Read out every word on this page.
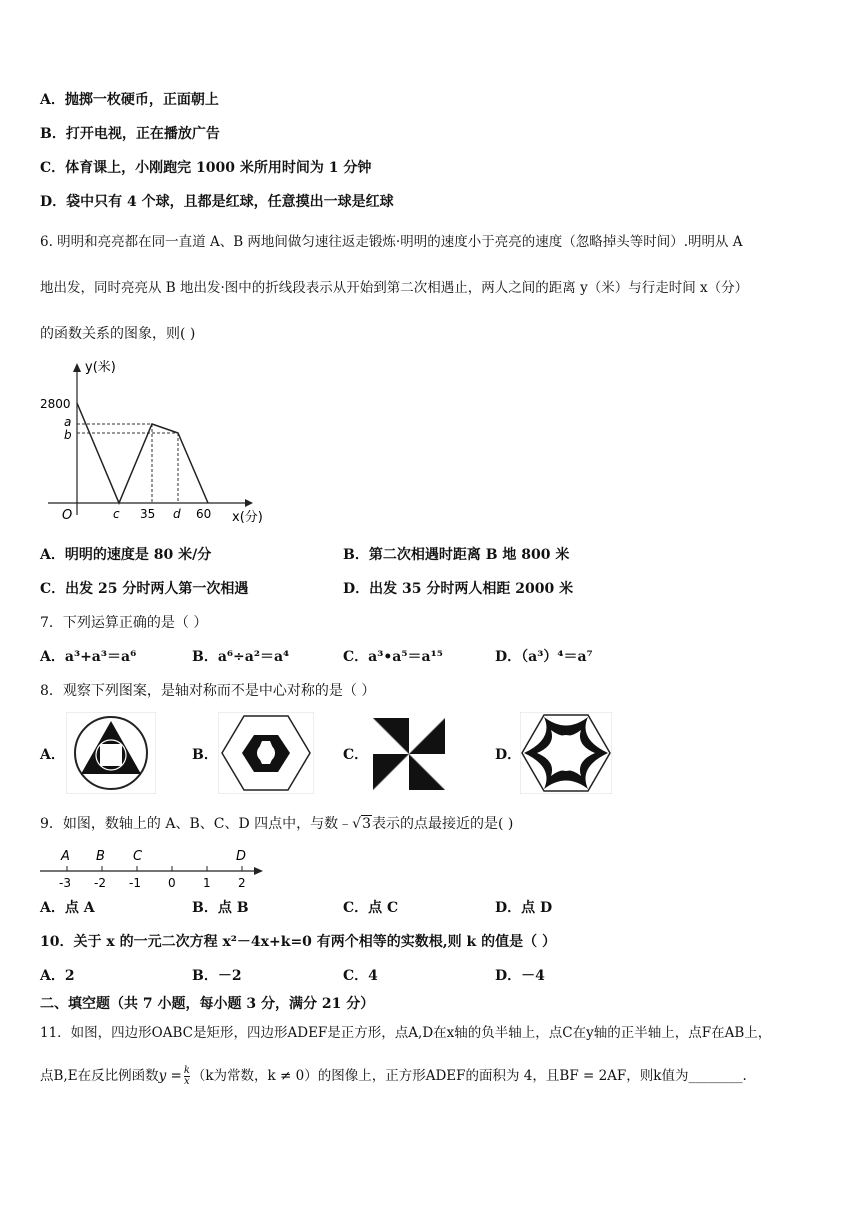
A．抛掷一枚硬币，正面朝上
B．打开电视，正在播放广告
C．体育课上，小刚跑完 1000 米所用时间为 1 分钟
D．袋中只有 4 个球，且都是红球，任意摸出一球是红球
6. 明明和亮亮都在同一直道 A、B 两地间做匀速往返走锻炼·明明的速度小于亮亮的速度（忽略掉头等时间）.明明从 A
地出发，同时亮亮从 B 地出发·图中的折线段表示从开始到第二次相遇止，两人之间的距离 y（米）与行走时间 x（分）
的函数关系的图象，则( )
y(米)
2800
a
b
O	c 35 d 60 x(分)
A．明明的速度是 80 米/分	B．第二次相遇时距离 B 地 800 米
C．出发 25 分时两人第一次相遇	D．出发 35 分时两人相距 2000 米
7．下列运算正确的是（ ）
A．a³+a³＝a⁶	B．a⁶÷a²＝a⁴	C．a³•a⁵＝a¹⁵	D．（a³）⁴＝a⁷
8．观察下列图案，是轴对称而不是中心对称的是（ ）
A．	B．	C．	D．
9．如图，数轴上的 A、B、C、D 四点中，与数﹣√3表示的点最接近的是( )
A B C	D
-3 -2 -1 0 1 2
A．点 A	B．点 B	C．点 C	D．点 D
10．关于 x 的一元二次方程 x²－4x+k=0 有两个相等的实数根,则 k 的值是（ ）
A．2	B．－2	C．4	D．－4
二、填空题（共 7 小题，每小题 3 分，满分 21 分）
11．如图，四边形OABC是矩形，四边形ADEF是正方形，点A,D在x轴的负半轴上，点C在y轴的正半轴上，点F在AB上，
点B,E在反比例函数$y = \frac{k}{x} (k$为常数，k ≠ 0）的图像上，正方形ADEF的面积为 4，且BF = 2AF，则k值为________.
